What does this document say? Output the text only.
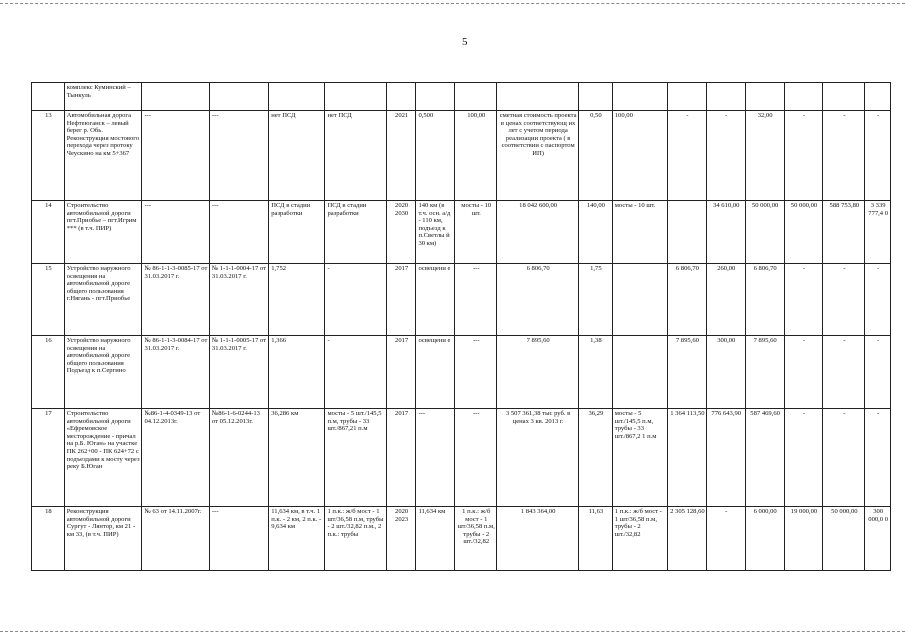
5
	комплекс Куминский – Тынкуль																
13	Автомобильная дорога Нефтеюганск – левый берег р. Обь. Реконструкция мостового перехода через протоку Чеускино на км 5+367	---	---	нет ПСД	нет ПСД	2021	0,500	100,00	сметная стоимость проекта в ценах соответствующ их лет с учетом периода реализации проекта ( в соответствии с паспортом ИП)	0,50	100,00	-	-	32,00	-	-	-
14	Строительство автомобильной дороги пгт.Приобье – пгт.Игрим *** (в т.ч. ПИР)	---	---	ПСД в стадии разработки	ПСД в стадии разработки	2020 2030	140 км (в т.ч. осн. а/д - 110 км, подъезд к п.Светлы й 30 км)	мосты - 10 шт.	18 042 600,00	140,00	мосты - 10 шт.		34 610,00	50 000,00	50 000,00	588 753,80	3 339 777,4 0
15	Устройство наружного освещения на автомобильной дороге общего пользования г.Нягань - пгт.Приобье	№ 86-1-1-3-0085-17 от 31.03.2017 г.	№ 1-1-1-0004-17 от 31.03.2017 г.	1,752	-	2017	освещени е	---	6 806,70	1,75		6 806,70	260,00	6 806,70	-	-	-
16	Устройство наружного освещения на автомобильной дороге общего пользования Подъезд к п.Сергино	№ 86-1-1-3-0084-17 от 31.03.2017 г.	№ 1-1-1-0005-17 от 31.03.2017 г.	1,366	-	2017	освещени е	---	7 895,60	1,38		7 895,60	300,00	7 895,60	-	-	-
17	Строительство автомобильной дороги «Ефремовское месторождение - причал на р.Б. Юган» на участке ПК 262+00 - ПК 624+72 с подъездами к мосту через реку Б.Юган	№86-1-4-0349-13 от 04.12.2013г.	№86-1-6-0244-13 от 05.12.2013г.	36,286 км	мосты - 5 шт./145,5 п.м, трубы - 33 шт./867,21 п.м	2017	---	---	3 507 361,38 тыс руб. в ценах 3 кв. 2013 г.	36,29	мосты - 5 шт./145,5 п.м, трубы - 33 шт./867,2 1 п.м	1 364 113,50	776 643,90	587 469,60	-	-	-
18	Реконструкция автомобильной дороги Сургут - Лянтор, км 21 - км 33, (в т.ч. ПИР)	№ 63 от 14.11.2007г.	---	11,634 км, в т.ч. 1 п.к. - 2 км, 2 п.к. - 9,634 км	1 п.к.: ж/б мост - 1 шт/36,58 п.м, трубы - 2 шт./32,82 п.м., 2 п.к.: трубы	2020 2023	11,634 км	1 п.к.: ж/б мост - 1 шт/36,58 п.м, трубы - 2 шт./32,82	1 843 364,00	11,63	1 п.к.: ж/б мост - 1 шт/36,58 п.м, трубы - 2 шт./32,82	2 305 128,60	-	6 000,00	19 000,00	50 000,00	300 000,0 0
